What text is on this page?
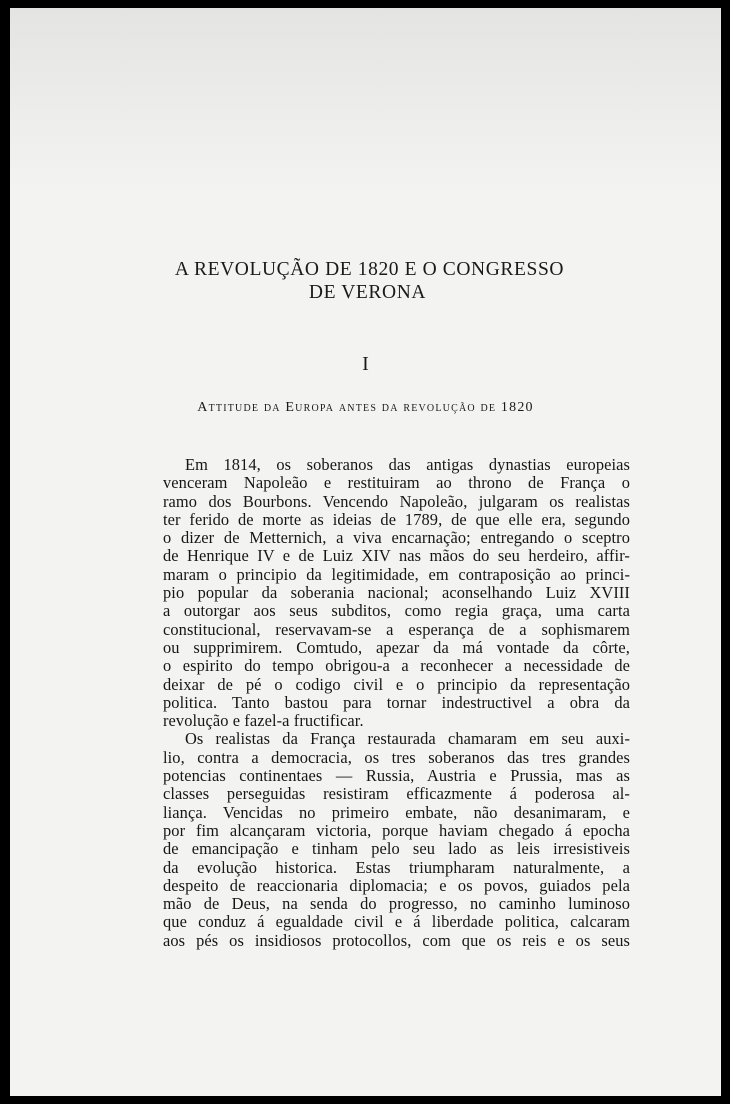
A REVOLUÇÃO DE 1820 E O CONGRESSO
DE VERONA
I
Attitude da Europa antes da revolução de 1820
Em 1814, os soberanos das antigas dynastias europeias
venceram Napoleão e restituiram ao throno de França o
ramo dos Bourbons. Vencendo Napoleão, julgaram os realistas
ter ferido de morte as ideias de 1789, de que elle era, segundo
o dizer de Metternich, a viva encarnação; entregando o sceptro
de Henrique IV e de Luiz XIV nas mãos do seu herdeiro, affir-
maram o principio da legitimidade, em contraposição ao princi-
pio popular da soberania nacional; aconselhando Luiz XVIII
a outorgar aos seus subditos, como regia graça, uma carta
constitucional, reservavam-se a esperança de a sophismarem
ou supprimirem. Comtudo, apezar da má vontade da côrte,
o espirito do tempo obrigou-a a reconhecer a necessidade de
deixar de pé o codigo civil e o principio da representação
politica. Tanto bastou para tornar indestructivel a obra da
revolução e fazel-a fructificar.
Os realistas da França restaurada chamaram em seu auxi-
lio, contra a democracia, os tres soberanos das tres grandes
potencias continentaes — Russia, Austria e Prussia, mas as
classes perseguidas resistiram efficazmente á poderosa al-
liança. Vencidas no primeiro embate, não desanimaram, e
por fim alcançaram victoria, porque haviam chegado á epocha
de emancipação e tinham pelo seu lado as leis irresistiveis
da evolução historica. Estas triumpharam naturalmente, a
despeito de reaccionaria diplomacia; e os povos, guiados pela
mão de Deus, na senda do progresso, no caminho luminoso
que conduz á egualdade civil e á liberdade politica, calcaram
aos pés os insidiosos protocollos, com que os reis e os seus
